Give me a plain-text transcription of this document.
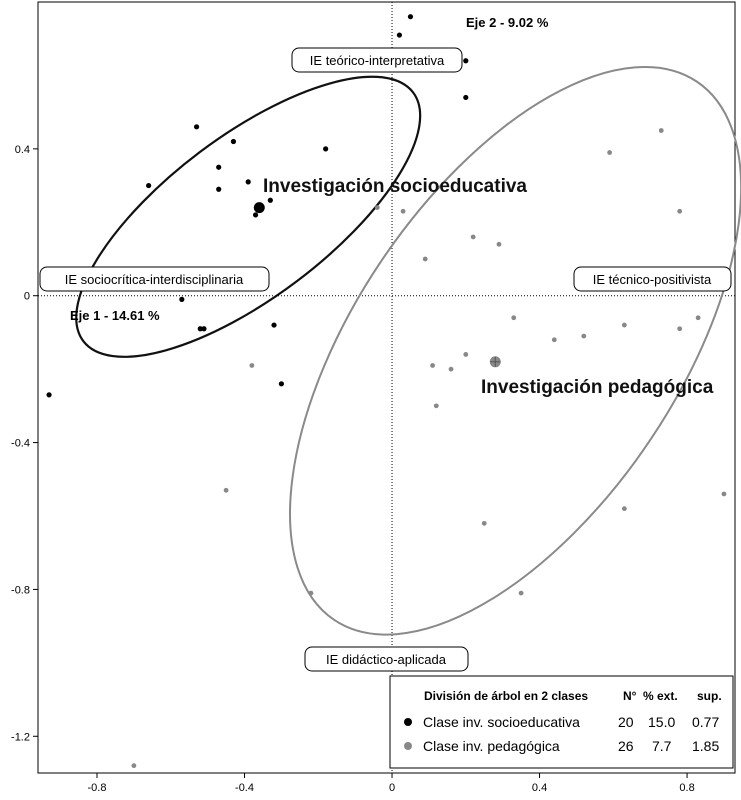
-0.8	-0.4	0	0.4	0.8
0.4
0
-0.4
-0.8
-1.2
Investigación socioeducativa
Investigación pedagógica
Eje 2 - 9.02 %
Eje 1 - 14.61 %
IE teórico-interpretativa
IE sociocrítica-interdisciplinaria	IE técnico-positivista
IE didáctico-aplicada
División de árbol en 2 clases	N° % ext. sup.
Clase inv. socioeducativa	20 15.0 0.77
Clase inv. pedagógica	26 7.7 1.85
